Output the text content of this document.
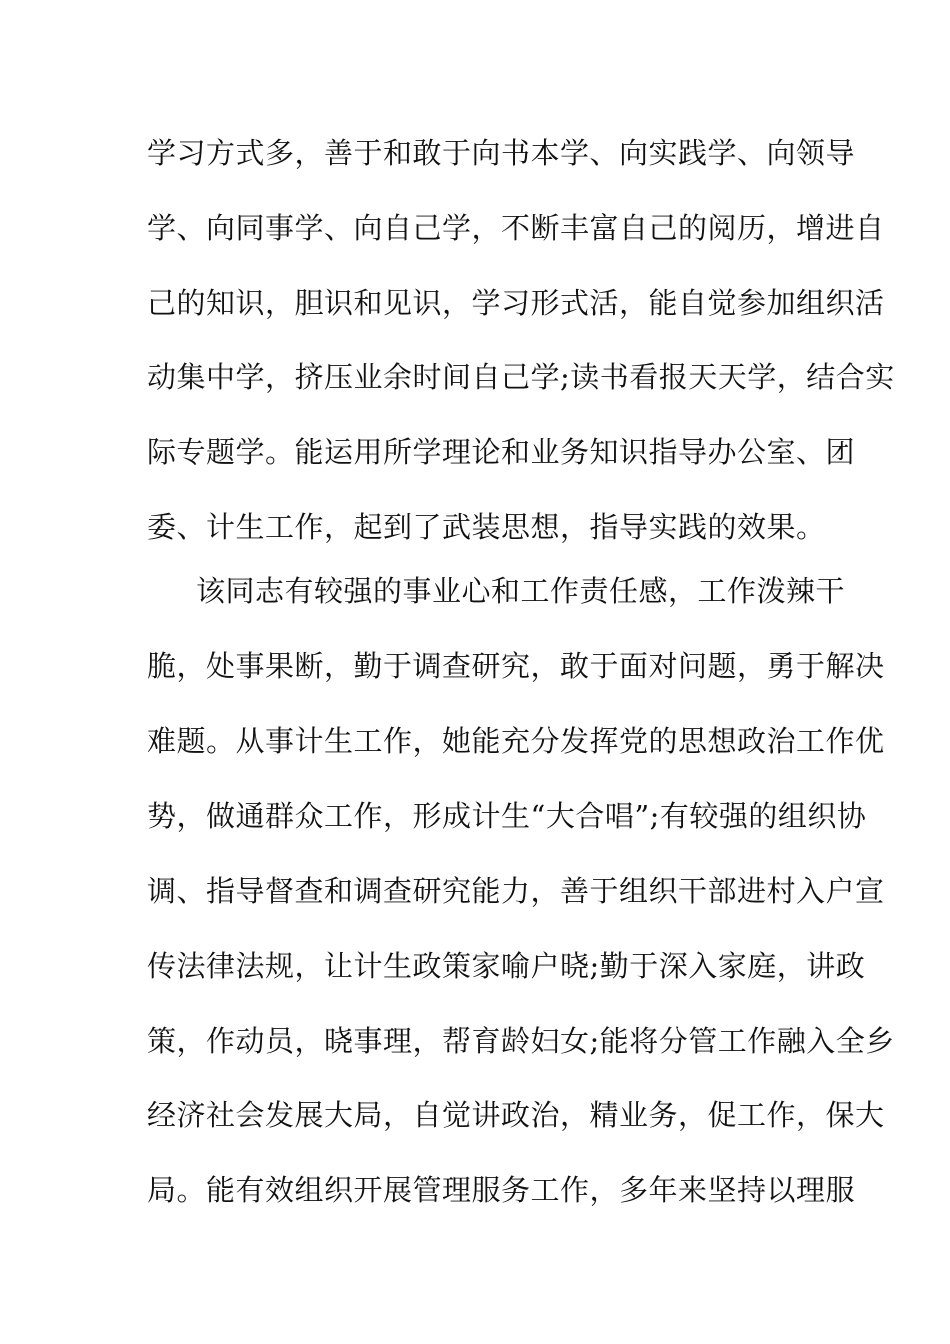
学习方式多，善于和敢于向书本学、向实践学、向领导
学、向同事学、向自己学，不断丰富自己的阅历，增进自
己的知识，胆识和见识，学习形式活，能自觉参加组织活
动集中学，挤压业余时间自己学;读书看报天天学，结合实
际专题学。能运用所学理论和业务知识指导办公室、团
委、计生工作，起到了武装思想，指导实践的效果。
该同志有较强的事业心和工作责任感，工作泼辣干
脆，处事果断，勤于调查研究，敢于面对问题，勇于解决
难题。从事计生工作，她能充分发挥党的思想政治工作优
势，做通群众工作，形成计生“大合唱”;有较强的组织协
调、指导督查和调查研究能力，善于组织干部进村入户宣
传法律法规，让计生政策家喻户晓;勤于深入家庭，讲政
策，作动员，晓事理，帮育龄妇女;能将分管工作融入全乡
经济社会发展大局，自觉讲政治，精业务，促工作，保大
局。能有效组织开展管理服务工作，多年来坚持以理服
